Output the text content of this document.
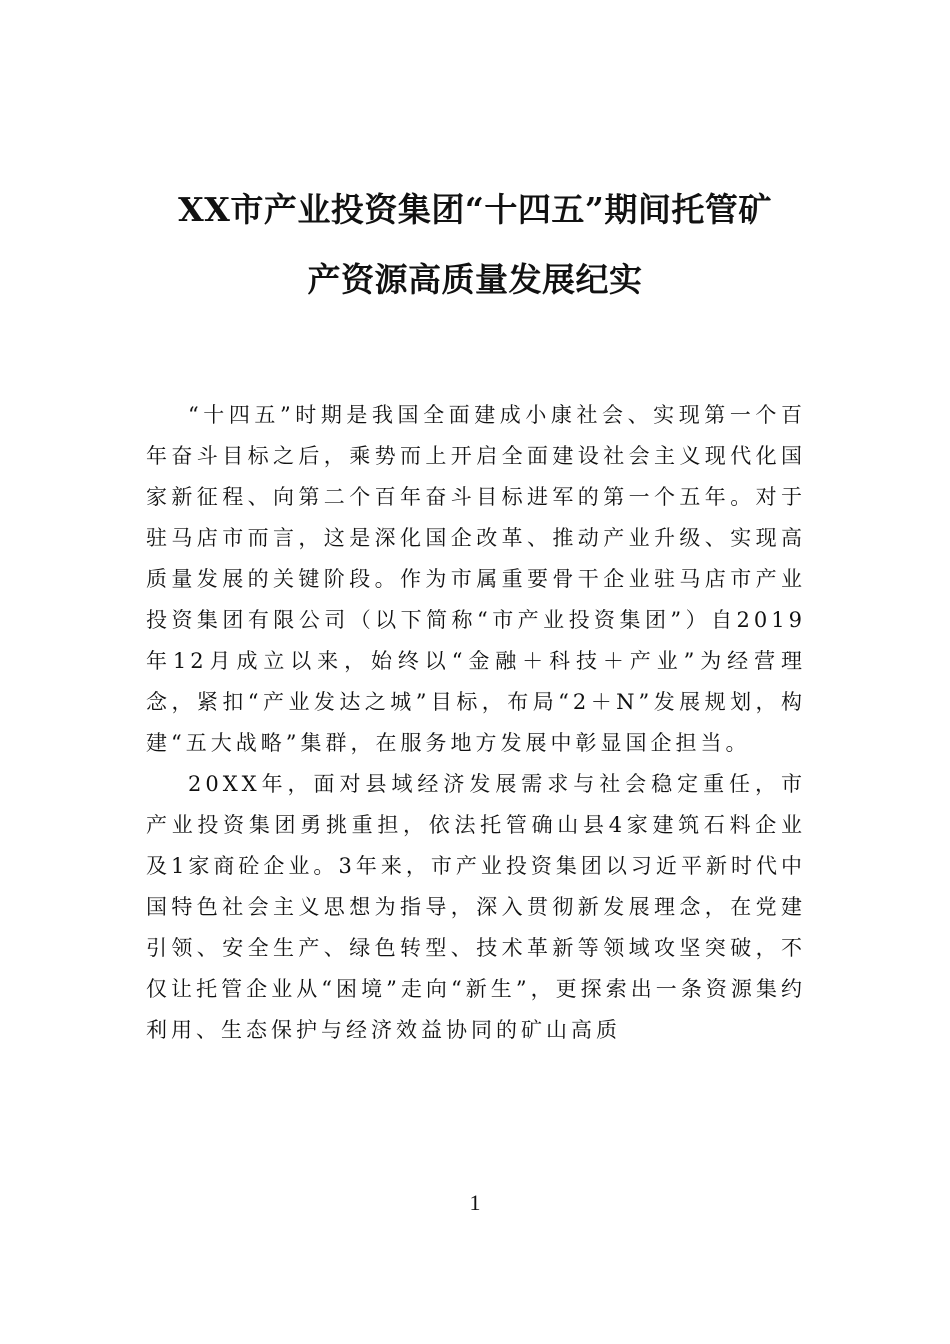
XX市产业投资集团“十四五”期间托管矿
产资源高质量发展纪实

“十四五”时期是我国全面建成小康社会、实现第一个百年奋斗目标之后，乘势而上开启全面建设社会主义现代化国家新征程、向第二个百年奋斗目标进军的第一个五年。对于驻马店市而言，这是深化国企改革、推动产业升级、实现高质量发展的关键阶段。作为市属重要骨干企业驻马店市产业投资集团有限公司（以下简称“市产业投资集团”）自2019年12月成立以来，始终以“金融＋科技＋产业”为经营理念，紧扣“产业发达之城”目标，布局“2＋N”发展规划，构建“五大战略”集群，在服务地方发展中彰显国企担当。

20XX年，面对县域经济发展需求与社会稳定重任，市产业投资集团勇挑重担，依法托管确山县4家建筑石料企业及1家商砼企业。3年来，市产业投资集团以习近平新时代中国特色社会主义思想为指导，深入贯彻新发展理念，在党建引领、安全生产、绿色转型、技术革新等领域攻坚突破，不仅让托管企业从“困境”走向“新生”，更探索出一条资源集约利用、生态保护与经济效益协同的矿山高质

1
